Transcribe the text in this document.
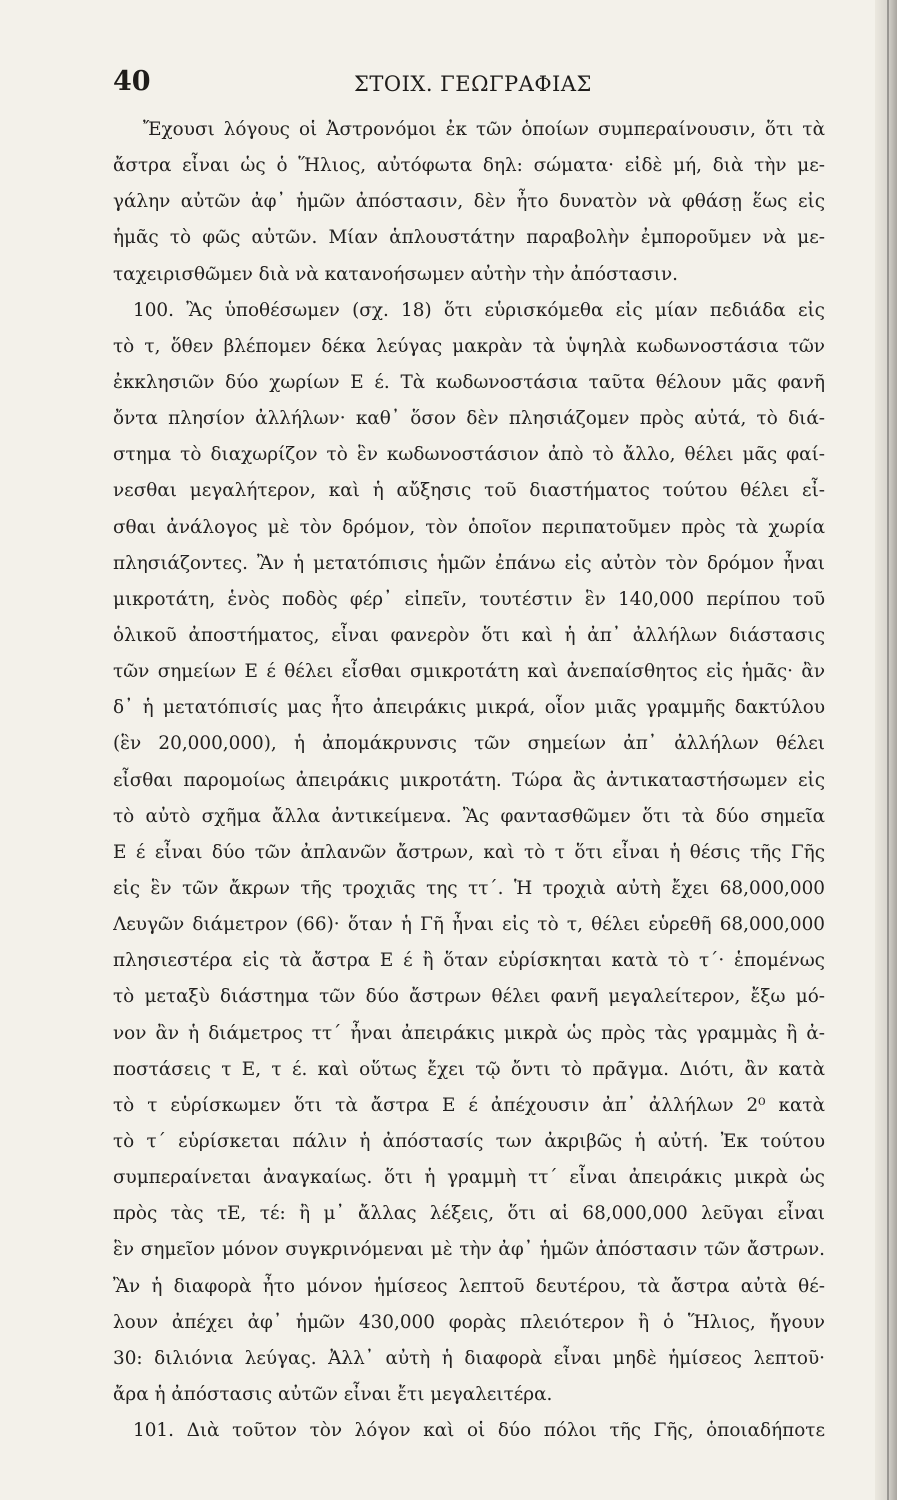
40	ΣΤΟΙΧ. ΓΕΩΓΡΑΦΙΑΣ
Ἔχουσι λόγους οἱ Ἀστρονόμοι ἐκ τῶν ὁποίων συμπεραίνουσιν, ὅτι τὰ
ἄστρα εἶναι ὡς ὁ Ἥλιος, αὐτόφωτα δηλ: σώματα· εἰδὲ μή, διὰ τὴν με-
γάλην αὐτῶν ἀφ᾽ ἡμῶν ἀπόστασιν, δὲν ἦτο δυνατὸν νὰ φθάσῃ ἕως εἰς
ἡμᾶς τὸ φῶς αὐτῶν. Μίαν ἁπλουστάτην παραβολὴν ἐμποροῦμεν νὰ με-
ταχειρισθῶμεν διὰ νὰ κατανοήσωμεν αὐτὴν τὴν ἀπόστασιν.
100. Ἂς ὑποθέσωμεν (σχ. 18) ὅτι εὑρισκόμεθα εἰς μίαν πεδιάδα εἰς
τὸ τ, ὅθεν βλέπομεν δέκα λεύγας μακρὰν τὰ ὑψηλὰ κωδωνοστάσια τῶν
ἐκκλησιῶν δύο χωρίων Ε έ. Τὰ κωδωνοστάσια ταῦτα θέλουν μᾶς φανῆ
ὄντα πλησίον ἀλλήλων· καθ᾽ ὅσον δὲν πλησιάζομεν πρὸς αὐτά, τὸ διά-
στημα τὸ διαχωρίζον τὸ ἓν κωδωνοστάσιον ἀπὸ τὸ ἄλλο, θέλει μᾶς φαί-
νεσθαι μεγαλήτερον, καὶ ἡ αὔξησις τοῦ διαστήματος τούτου θέλει εἶ-
σθαι ἀνάλογος μὲ τὸν δρόμον, τὸν ὁποῖον περιπατοῦμεν πρὸς τὰ χωρία
πλησιάζοντες. Ἂν ἡ μετατόπισις ἡμῶν ἐπάνω εἰς αὐτὸν τὸν δρόμον ἦναι
μικροτάτη, ἑνὸς ποδὸς φέρ᾽ εἰπεῖν, τουτέστιν ἓν 140,000 περίπου τοῦ
ὁλικοῦ ἀποστήματος, εἶναι φανερὸν ὅτι καὶ ἡ ἀπ᾽ ἀλλήλων διάστασις
τῶν σημείων Ε έ θέλει εἶσθαι σμικροτάτη καὶ ἀνεπαίσθητος εἰς ἡμᾶς· ἂν
δ᾽ ἡ μετατόπισίς μας ἦτο ἀπειράκις μικρά, οἷον μιᾶς γραμμῆς δακτύλου
(ἓν 20,000,000), ἡ ἀπομάκρυνσις τῶν σημείων ἀπ᾽ ἀλλήλων θέλει
εἶσθαι παρομοίως ἀπειράκις μικροτάτη. Τώρα ἂς ἀντικαταστήσωμεν εἰς
τὸ αὐτὸ σχῆμα ἄλλα ἀντικείμενα. Ἂς φαντασθῶμεν ὅτι τὰ δύο σημεῖα
Ε έ εἶναι δύο τῶν ἀπλανῶν ἄστρων, καὶ τὸ τ ὅτι εἶναι ἡ θέσις τῆς Γῆς
εἰς ἓν τῶν ἄκρων τῆς τροχιᾶς της ττ΄. Ἡ τροχιὰ αὐτὴ ἔχει 68,000,000
Λευγῶν διάμετρον (66)· ὅταν ἡ Γῆ ἦναι εἰς τὸ τ, θέλει εὑρεθῆ 68,000,000
πλησιεστέρα εἰς τὰ ἄστρα Ε έ ἢ ὅταν εὑρίσκηται κατὰ τὸ τ΄· ἑπομένως
τὸ μεταξὺ διάστημα τῶν δύο ἄστρων θέλει φανῆ μεγαλείτερον, ἔξω μό-
νον ἂν ἡ διάμετρος ττ΄ ἦναι ἀπειράκις μικρὰ ὡς πρὸς τὰς γραμμὰς ἢ ἀ-
ποστάσεις τ Ε, τ έ. καὶ οὕτως ἔχει τῷ ὄντι τὸ πρᾶγμα. Διότι, ἂν κατὰ
τὸ τ εὑρίσκωμεν ὅτι τὰ ἄστρα Ε έ ἀπέχουσιν ἀπ᾽ ἀλλήλων 2⁰ κατὰ
τὸ τ΄ εὑρίσκεται πάλιν ἡ ἀπόστασίς των ἀκριβῶς ἡ αὐτή. Ἐκ τούτου
συμπεραίνεται ἀναγκαίως. ὅτι ἡ γραμμὴ ττ΄ εἶναι ἀπειράκις μικρὰ ὡς
πρὸς τὰς τΕ, τέ: ἢ μ᾽ ἄλλας λέξεις, ὅτι αἱ 68,000,000 λεῦγαι εἶναι
ἓν σημεῖον μόνον συγκρινόμεναι μὲ τὴν ἀφ᾽ ἡμῶν ἀπόστασιν τῶν ἄστρων.
Ἂν ἡ διαφορὰ ἦτο μόνον ἡμίσεος λεπτοῦ δευτέρου, τὰ ἄστρα αὐτὰ θέ-
λουν ἀπέχει ἀφ᾽ ἡμῶν 430,000 φορὰς πλειότερον ἢ ὁ Ἥλιος, ἤγουν
30: διλιόνια λεύγας. Ἀλλ᾽ αὐτὴ ἡ διαφορὰ εἶναι μηδὲ ἡμίσεος λεπτοῦ·
ἄρα ἡ ἀπόστασις αὐτῶν εἶναι ἔτι μεγαλειτέρα.
101. Διὰ τοῦτον τὸν λόγον καὶ οἱ δύο πόλοι τῆς Γῆς, ὁποιαδήποτε
